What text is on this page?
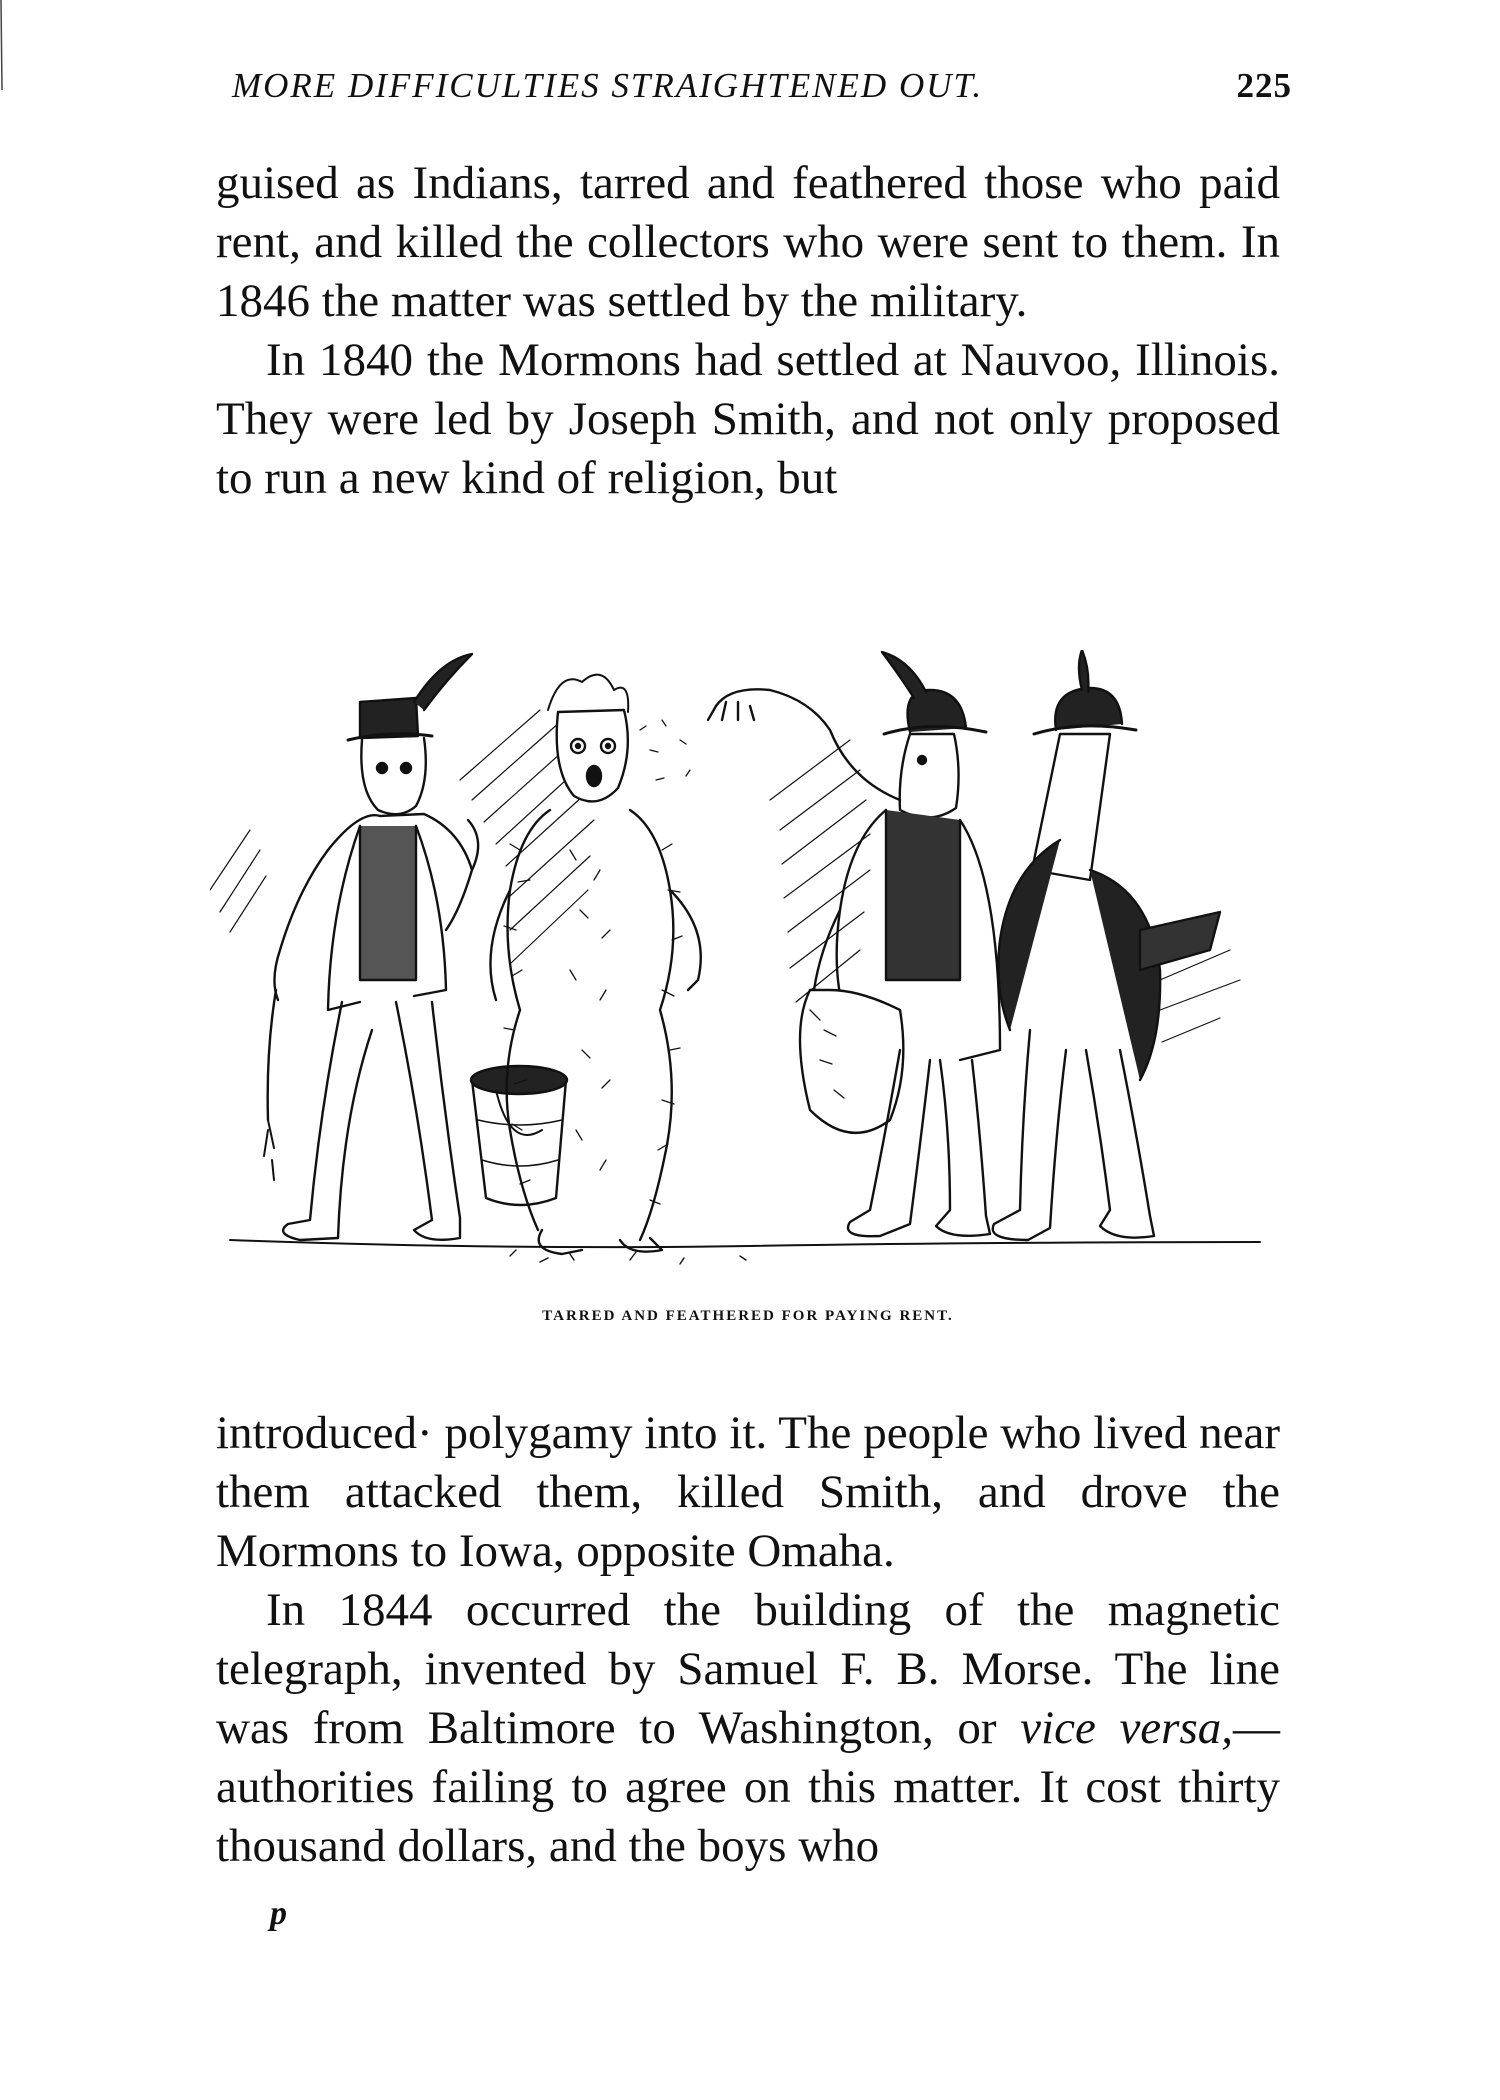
MORE DIFFICULTIES STRAIGHTENED OUT.	225

guised as Indians, tarred and feathered those who paid rent, and killed the collectors who were sent to them. In 1846 the matter was settled by the military.

In 1840 the Mormons had settled at Nauvoo, Illinois. They were led by Joseph Smith, and not only proposed to run a new kind of religion, but

TARRED AND FEATHERED FOR PAYING RENT.

introduced· polygamy into it. The people who lived near them attacked them, killed Smith, and drove the Mormons to Iowa, opposite Omaha.

In 1844 occurred the building of the magnetic telegraph, invented by Samuel F. B. Morse. The line was from Baltimore to Washington, or vice versa,—authorities failing to agree on this matter. It cost thirty thousand dollars, and the boys who

p
